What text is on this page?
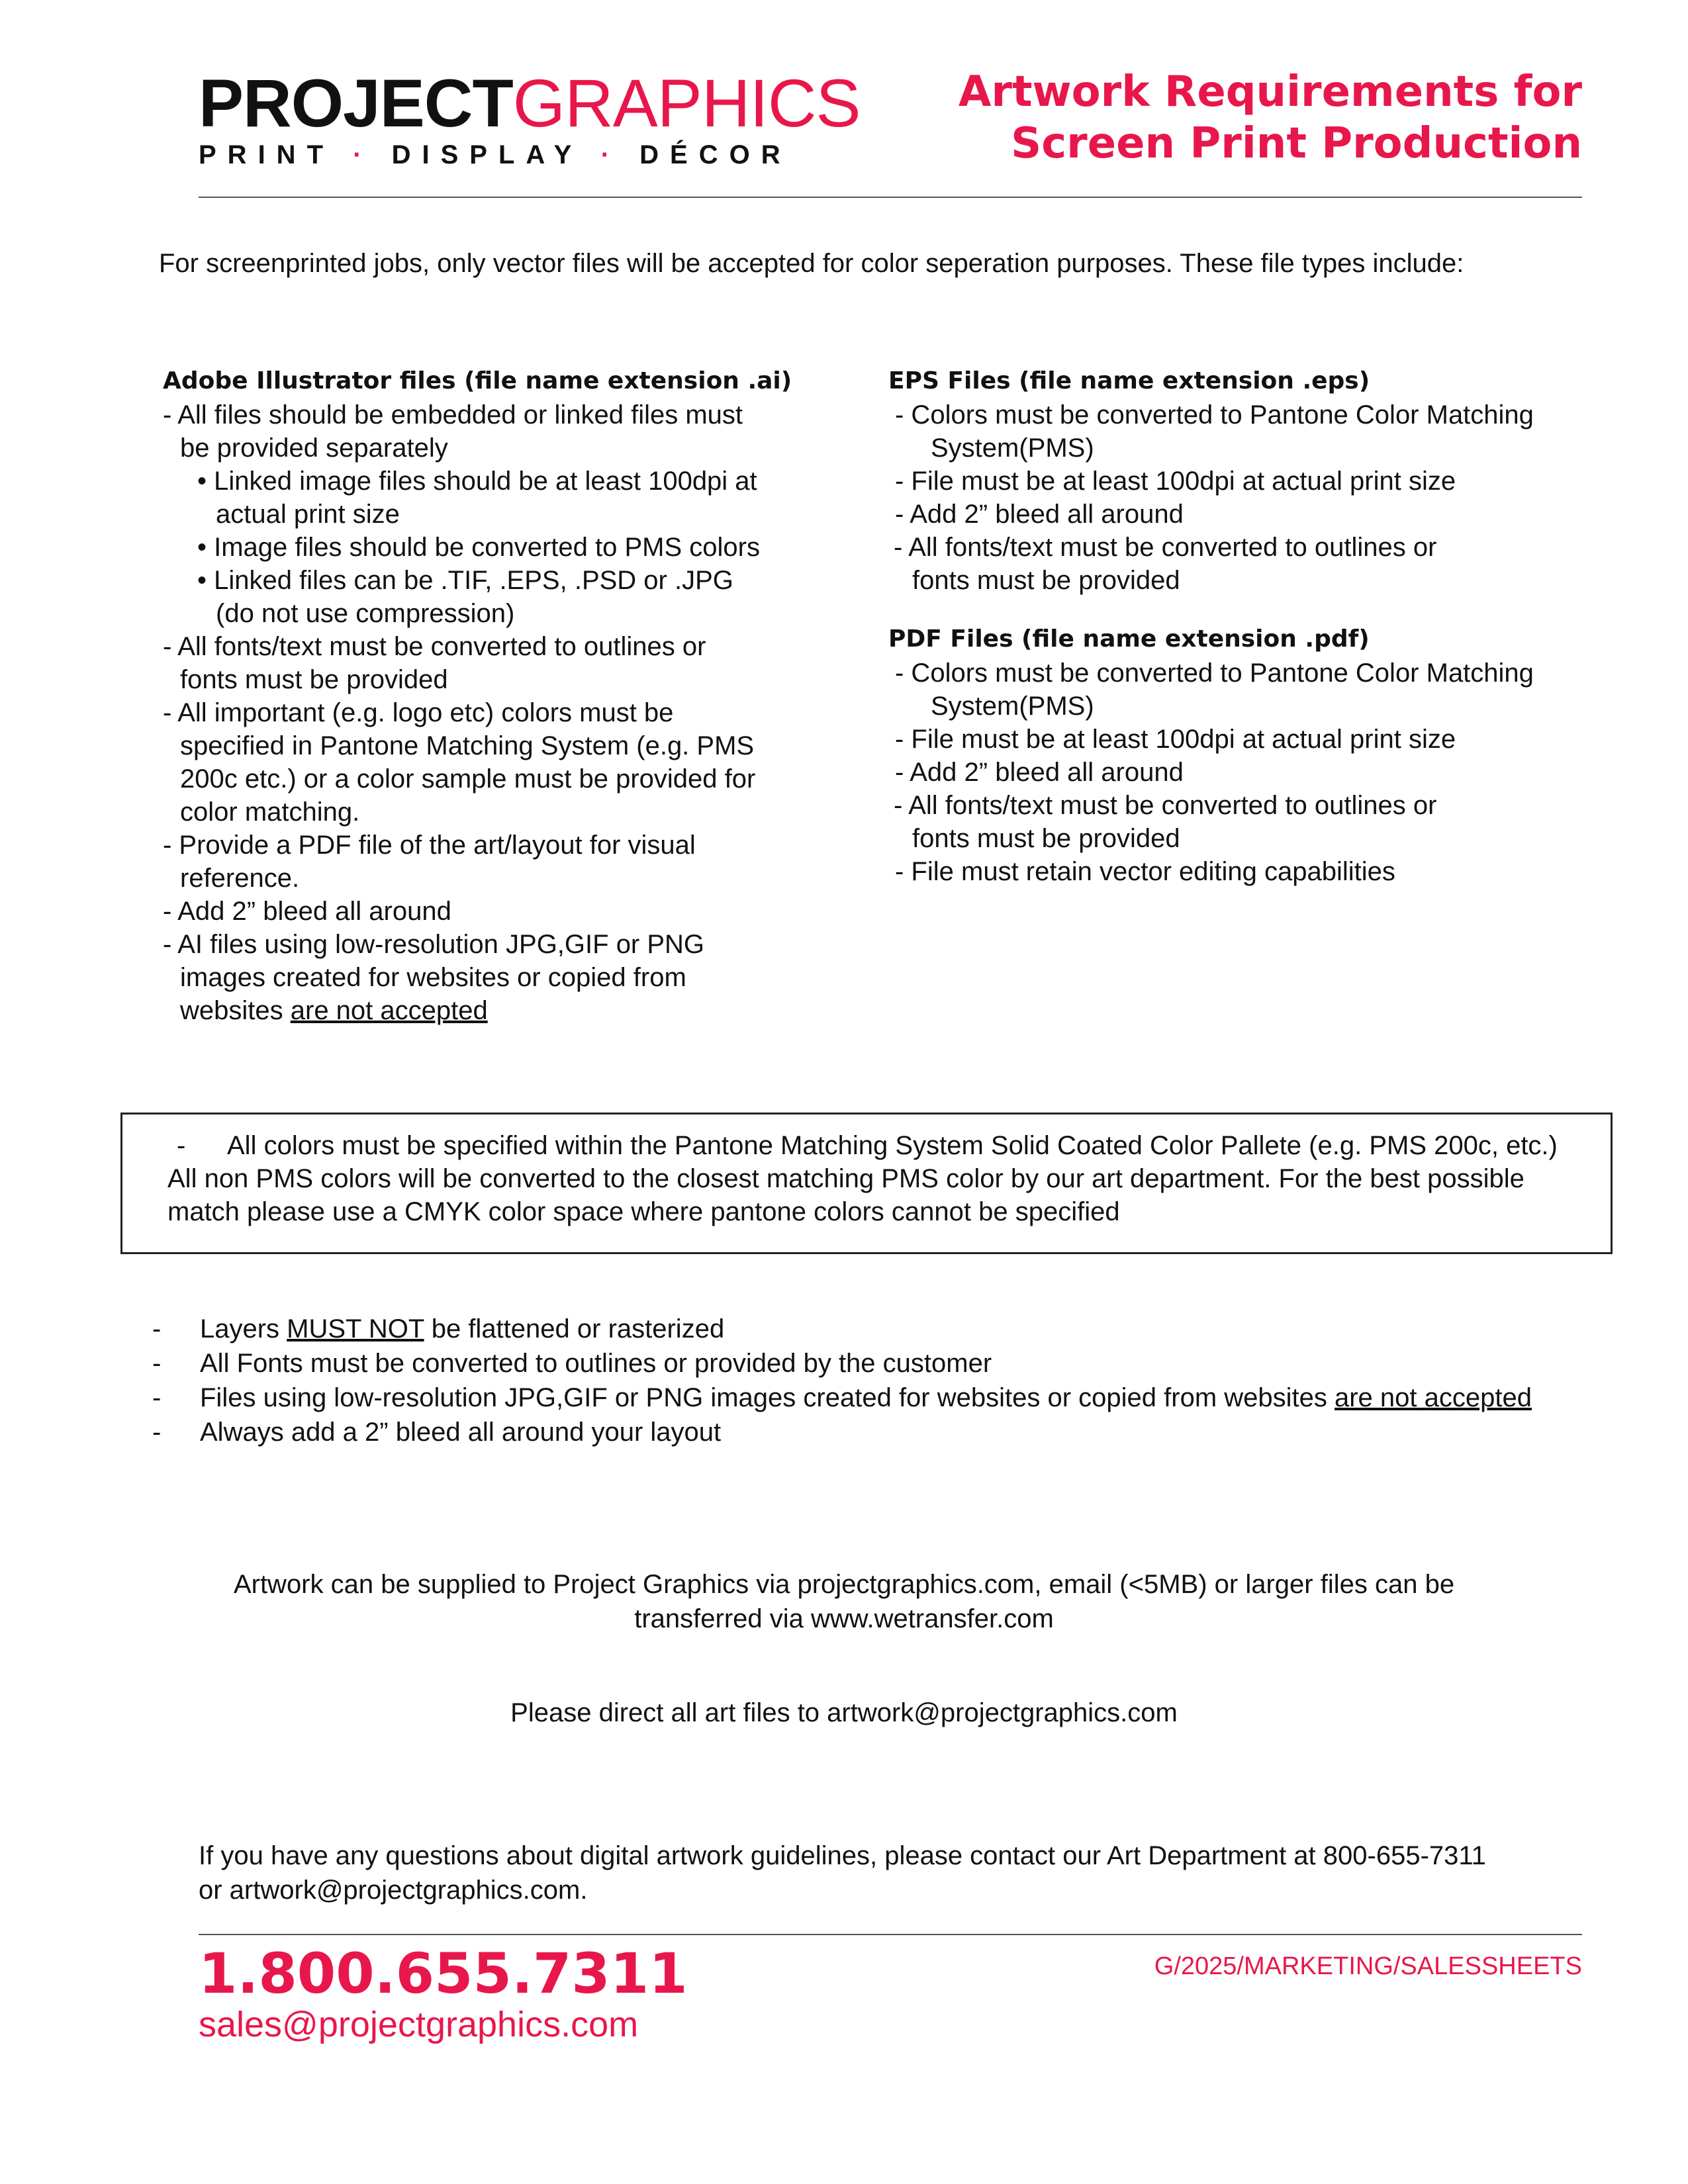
PROJECTGRAPHICS
PRINT · DISPLAY · DÉCOR
Artwork Requirements for
Screen Print Production
For screenprinted jobs, only vector files will be accepted for color seperation purposes. These file types include:
Adobe Illustrator files (file name extension .ai)
- All files should be embedded or linked files must
be provided separately
• Linked image files should be at least 100dpi at
actual print size
• Image files should be converted to PMS colors
• Linked files can be .TIF, .EPS, .PSD or .JPG
(do not use compression)
- All fonts/text must be converted to outlines or
fonts must be provided
- All important (e.g. logo etc) colors must be
specified in Pantone Matching System (e.g. PMS
200c etc.) or a color sample must be provided for
color matching.
- Provide a PDF file of the art/layout for visual
reference.
- Add 2” bleed all around
- AI files using low-resolution JPG,GIF or PNG
images created for websites or copied from
websites are not accepted
EPS Files (file name extension .eps)
- Colors must be converted to Pantone Color Matching
System(PMS)
- File must be at least 100dpi at actual print size
- Add 2” bleed all around
- All fonts/text must be converted to outlines or
fonts must be provided
PDF Files (file name extension .pdf)
- Colors must be converted to Pantone Color Matching
System(PMS)
- File must be at least 100dpi at actual print size
- Add 2” bleed all around
- All fonts/text must be converted to outlines or
fonts must be provided
- File must retain vector editing capabilities
- All colors must be specified within the Pantone Matching System Solid Coated Color Pallete (e.g. PMS 200c, etc.)
All non PMS colors will be converted to the closest matching PMS color by our art department. For the best possible
match please use a CMYK color space where pantone colors cannot be specified
- Layers MUST NOT be flattened or rasterized
- All Fonts must be converted to outlines or provided by the customer
- Files using low-resolution JPG,GIF or PNG images created for websites or copied from websites are not accepted
- Always add a 2” bleed all around your layout
Artwork can be supplied to Project Graphics via projectgraphics.com, email (<5MB) or larger files can be
transferred via www.wetransfer.com
Please direct all art files to artwork@projectgraphics.com
If you have any questions about digital artwork guidelines, please contact our Art Department at 800-655-7311
or artwork@projectgraphics.com.
1.800.655.7311
sales@projectgraphics.com
G/2025/MARKETING/SALESSHEETS
